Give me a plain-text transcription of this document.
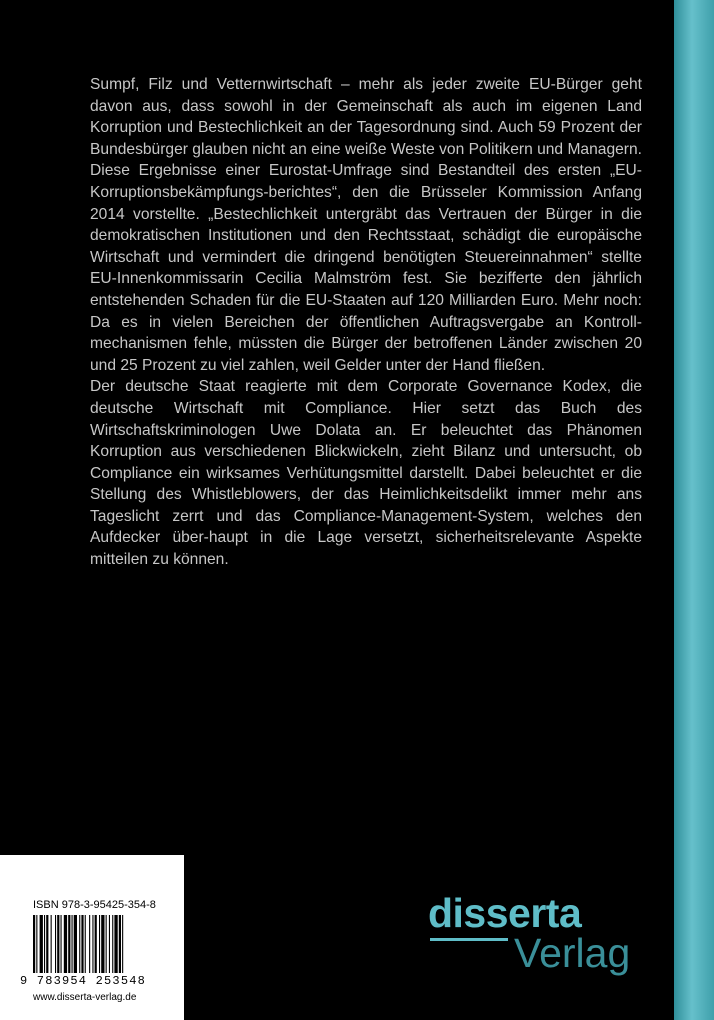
Sumpf, Filz und Vetternwirtschaft – mehr als jeder zweite EU-Bürger geht davon aus, dass sowohl in der Gemeinschaft als auch im eigenen Land Korruption und Bestechlichkeit an der Tagesordnung sind. Auch 59 Prozent der Bundesbürger glauben nicht an eine weiße Weste von Politikern und Managern. Diese Ergebnisse einer Eurostat-Umfrage sind Bestandteil des ersten „EU-Korruptionsbekämpfungs-berichtes“, den die Brüsseler Kommission Anfang 2014 vorstellte. „Bestechlichkeit untergräbt das Vertrauen der Bürger in die demokratischen Institutionen und den Rechtsstaat, schädigt die europäische Wirtschaft und vermindert die dringend benötigten Steuereinnahmen“ stellte EU-Innenkommissarin Cecilia Malmström fest. Sie bezifferte den jährlich entstehenden Schaden für die EU-Staaten auf 120 Milliarden Euro. Mehr noch: Da es in vielen Bereichen der öffentlichen Auftragsvergabe an Kontroll-mechanismen fehle, müssten die Bürger der betroffenen Länder zwischen 20 und 25 Prozent zu viel zahlen, weil Gelder unter der Hand fließen.

Der deutsche Staat reagierte mit dem Corporate Governance Kodex, die deutsche Wirtschaft mit Compliance. Hier setzt das Buch des Wirtschaftskriminologen Uwe Dolata an. Er beleuchtet das Phänomen Korruption aus verschiedenen Blickwickeln, zieht Bilanz und untersucht, ob Compliance ein wirksames Verhütungsmittel darstellt. Dabei beleuchtet er die Stellung des Whistleblowers, der das Heimlichkeitsdelikt immer mehr ans Tageslicht zerrt und das Compliance-Management-System, welches den Aufdecker über-haupt in die Lage versetzt, sicherheitsrelevante Aspekte mitteilen zu können.

ISBN 978-3-95425-354-8
9 783954 253548
www.disserta-verlag.de
disserta
Verlag
